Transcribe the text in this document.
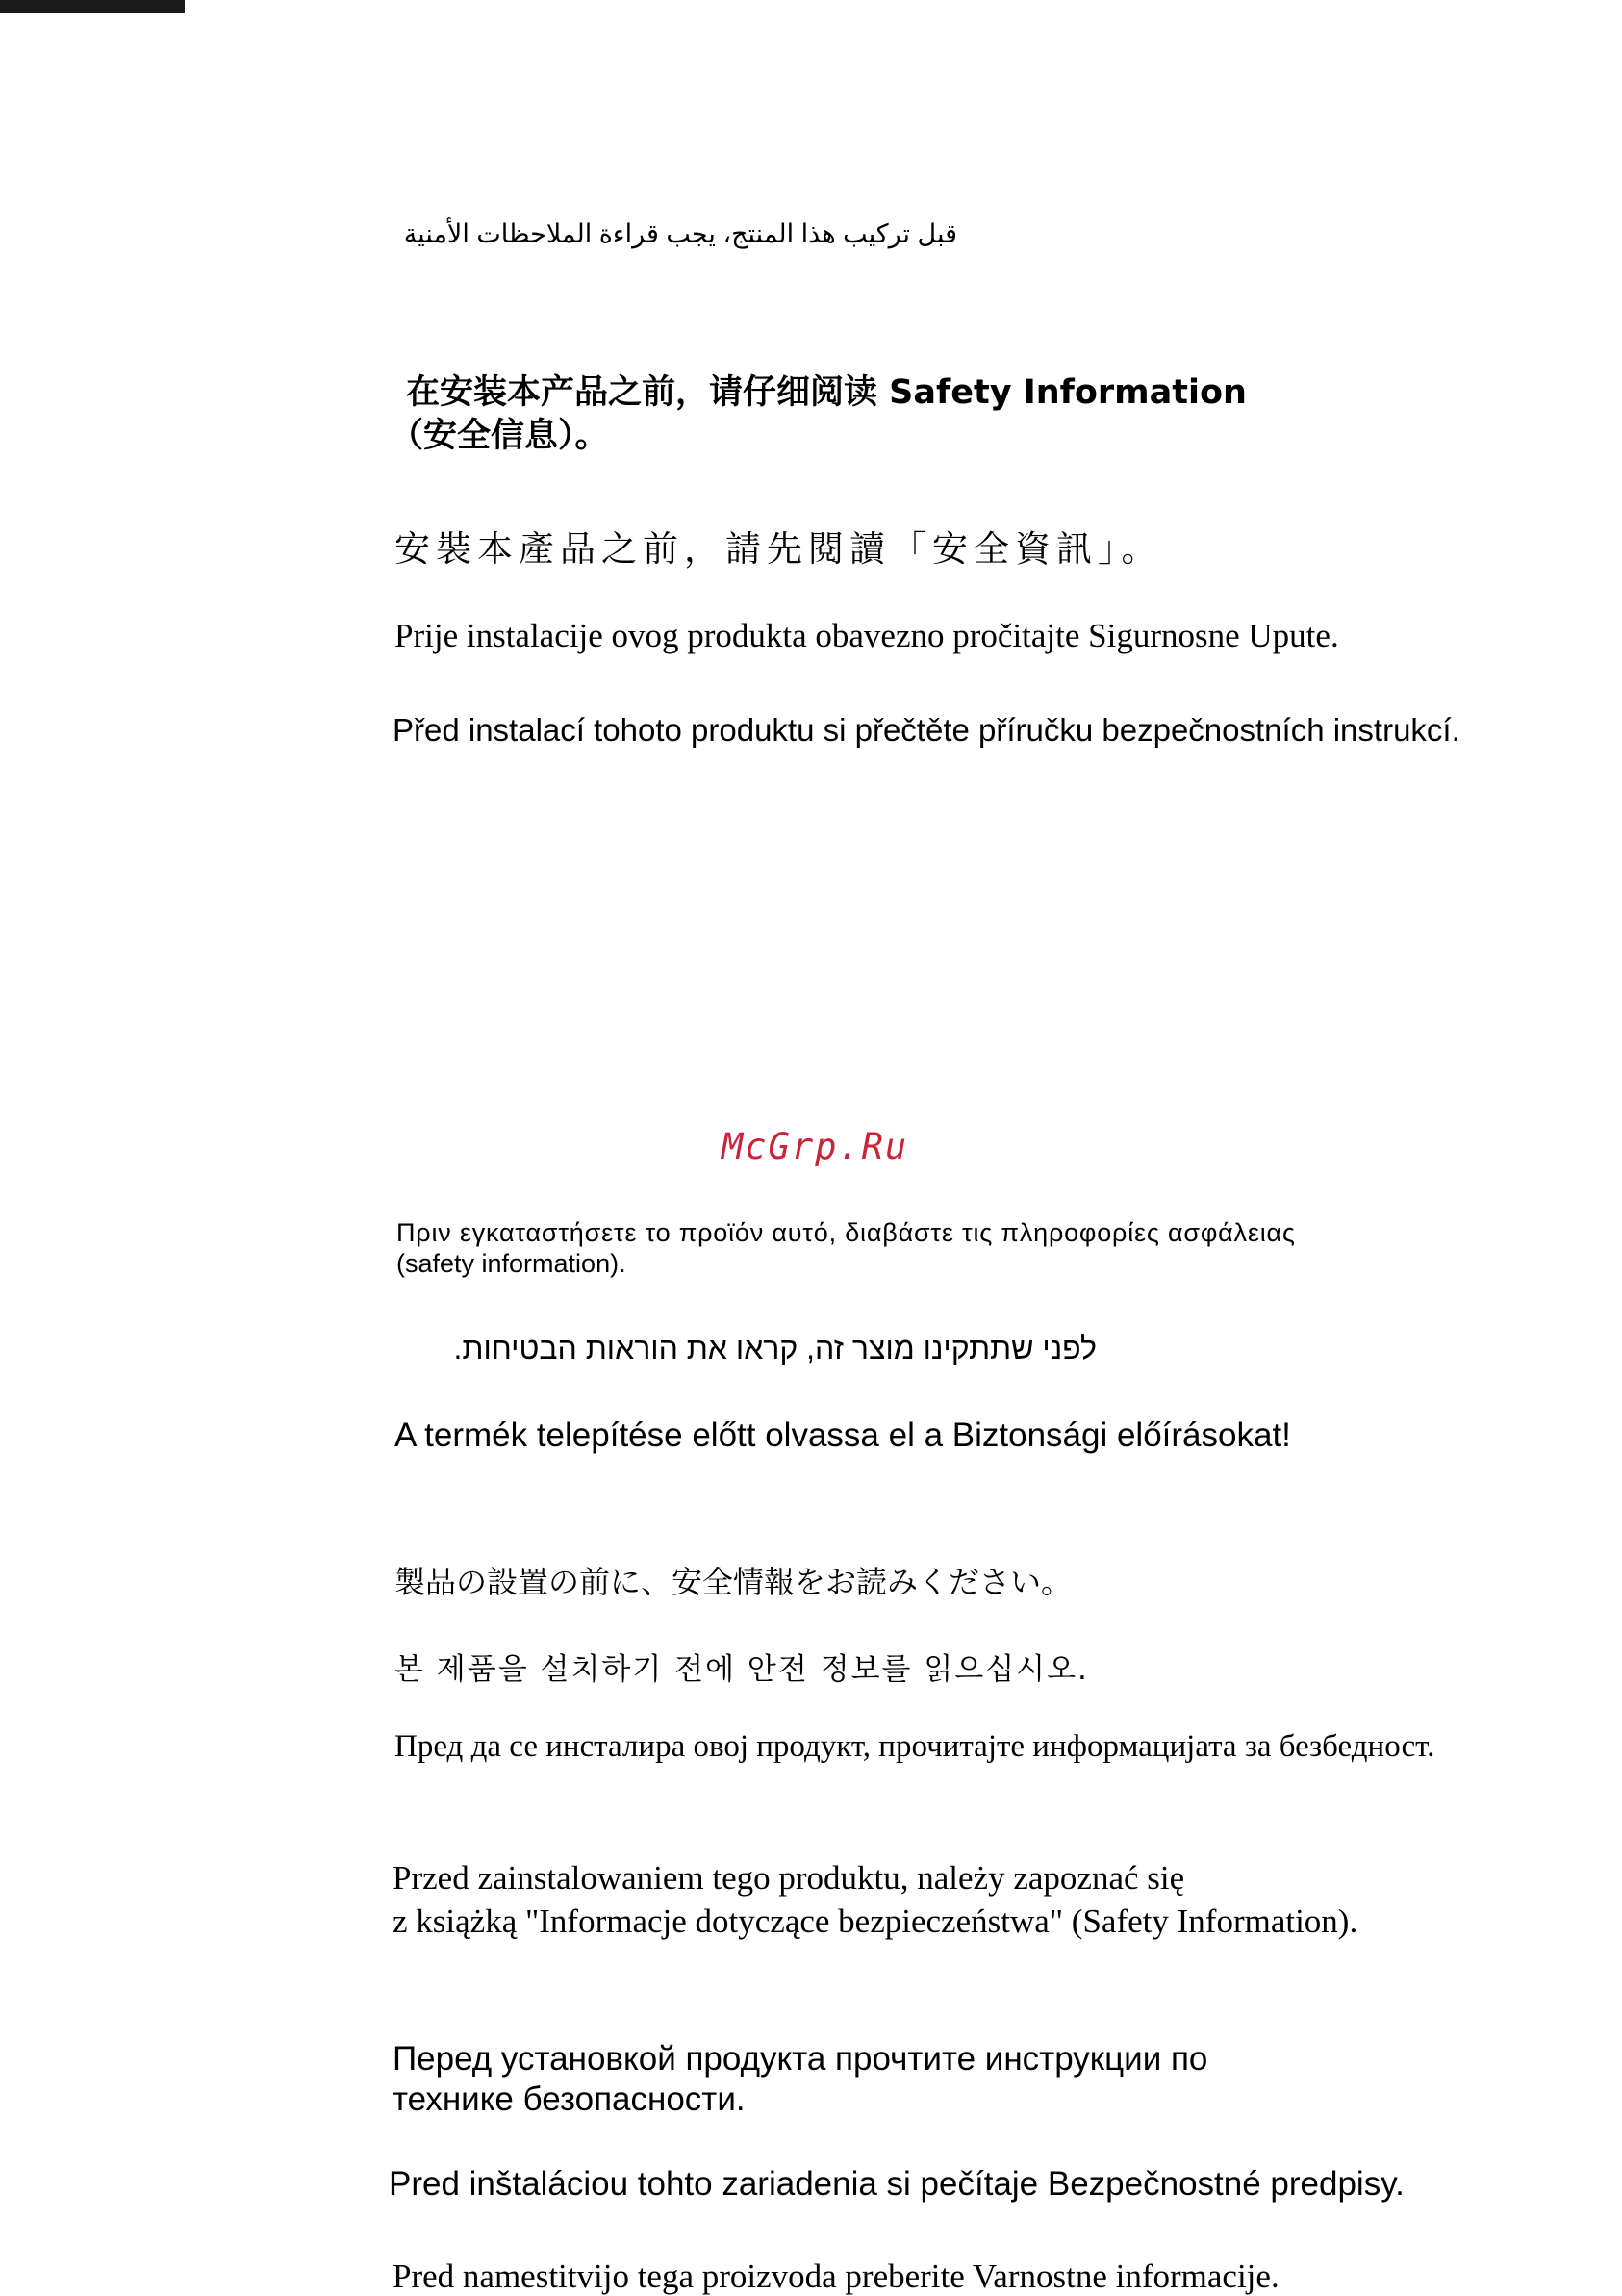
قبل تركيب هذا المنتج، يجب قراءة الملاحظات الأمنية

在安装本产品之前，请仔细阅读 Safety Information

（安全信息）。

安裝本產品之前，請先閱讀「安全資訊」。

Prije instalacije ovog produkta obavezno pročitajte Sigurnosne Upute.

Před instalací tohoto produktu si přečtěte příručku bezpečnostních instrukcí.

McGrp.Ru

Πριν εγκαταστήσετε το προϊόν αυτό, διαβάστε τις πληροφορίες ασφάλειας

(safety information).

לפני שתתקינו מוצר זה, קראו את הוראות הבטיחות.

A termék telepítése előtt olvassa el a Biztonsági előírásokat!

製品の設置の前に、安全情報をお読みください。

본 제품을 설치하기 전에 안전 정보를 읽으십시오.

Пред да се инсталира овој продукт, прочитајте информацијата за безбедност.

Przed zainstalowaniem tego produktu, należy zapoznać się

z książką "Informacje dotyczące bezpieczeństwa" (Safety Information).

Перед установкой продукта прочтите инструкции по

технике безопасности.

Pred inštaláciou tohto zariadenia si pečítaje Bezpečnostné predpisy.

Pred namestitvijo tega proizvoda preberite Varnostne informacije.
